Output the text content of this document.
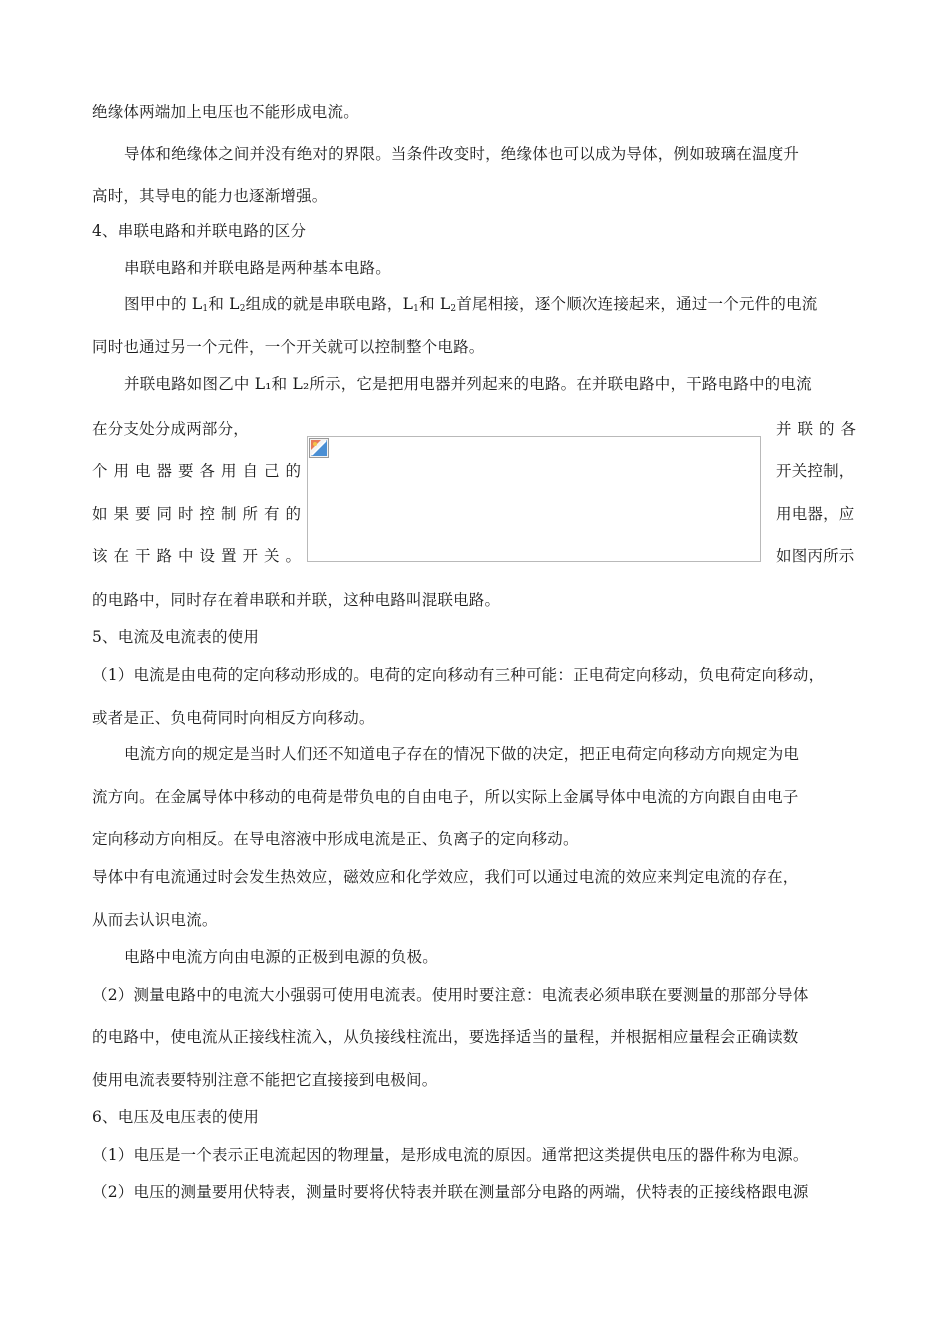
绝缘体两端加上电压也不能形成电流。
导体和绝缘体之间并没有绝对的界限。当条件改变时，绝缘体也可以成为导体，例如玻璃在温度升
高时，其导电的能力也逐渐增强。
4、串联电路和并联电路的区分
串联电路和并联电路是两种基本电路。
图甲中的 $L_1$和 $L_2$组成的就是串联电路，$L_1$和 $L_2$首尾相接，逐个顺次连接起来，通过一个元件的电流
同时也通过另一个元件，一个开关就可以控制整个电路。
并联电路如图乙中 L₁和 L₂所示，它是把用电器并列起来的电路。在并联电路中，干路电路中的电流
在分支处分成两部分，
个用电器要各用自己的
如果要同时控制所有的
该在干路中设置开关。
并联的各
开关控制，
用电器，应
如图丙所示
的电路中，同时存在着串联和并联，这种电路叫混联电路。
5、电流及电流表的使用
（1）电流是由电荷的定向移动形成的。电荷的定向移动有三种可能：正电荷定向移动，负电荷定向移动，
或者是正、负电荷同时向相反方向移动。
电流方向的规定是当时人们还不知道电子存在的情况下做的决定，把正电荷定向移动方向规定为电
流方向。在金属导体中移动的电荷是带负电的自由电子，所以实际上金属导体中电流的方向跟自由电子
定向移动方向相反。在导电溶液中形成电流是正、负离子的定向移动。
导体中有电流通过时会发生热效应，磁效应和化学效应，我们可以通过电流的效应来判定电流的存在，
从而去认识电流。
电路中电流方向由电源的正极到电源的负极。
（2）测量电路中的电流大小强弱可使用电流表。使用时要注意：电流表必须串联在要测量的那部分导体
的电路中，使电流从正接线柱流入，从负接线柱流出，要选择适当的量程，并根据相应量程会正确读数
使用电流表要特别注意不能把它直接接到电极间。
6、电压及电压表的使用
（1）电压是一个表示正电流起因的物理量，是形成电流的原因。通常把这类提供电压的器件称为电源。
（2）电压的测量要用伏特表，测量时要将伏特表并联在测量部分电路的两端，伏特表的正接线格跟电源
